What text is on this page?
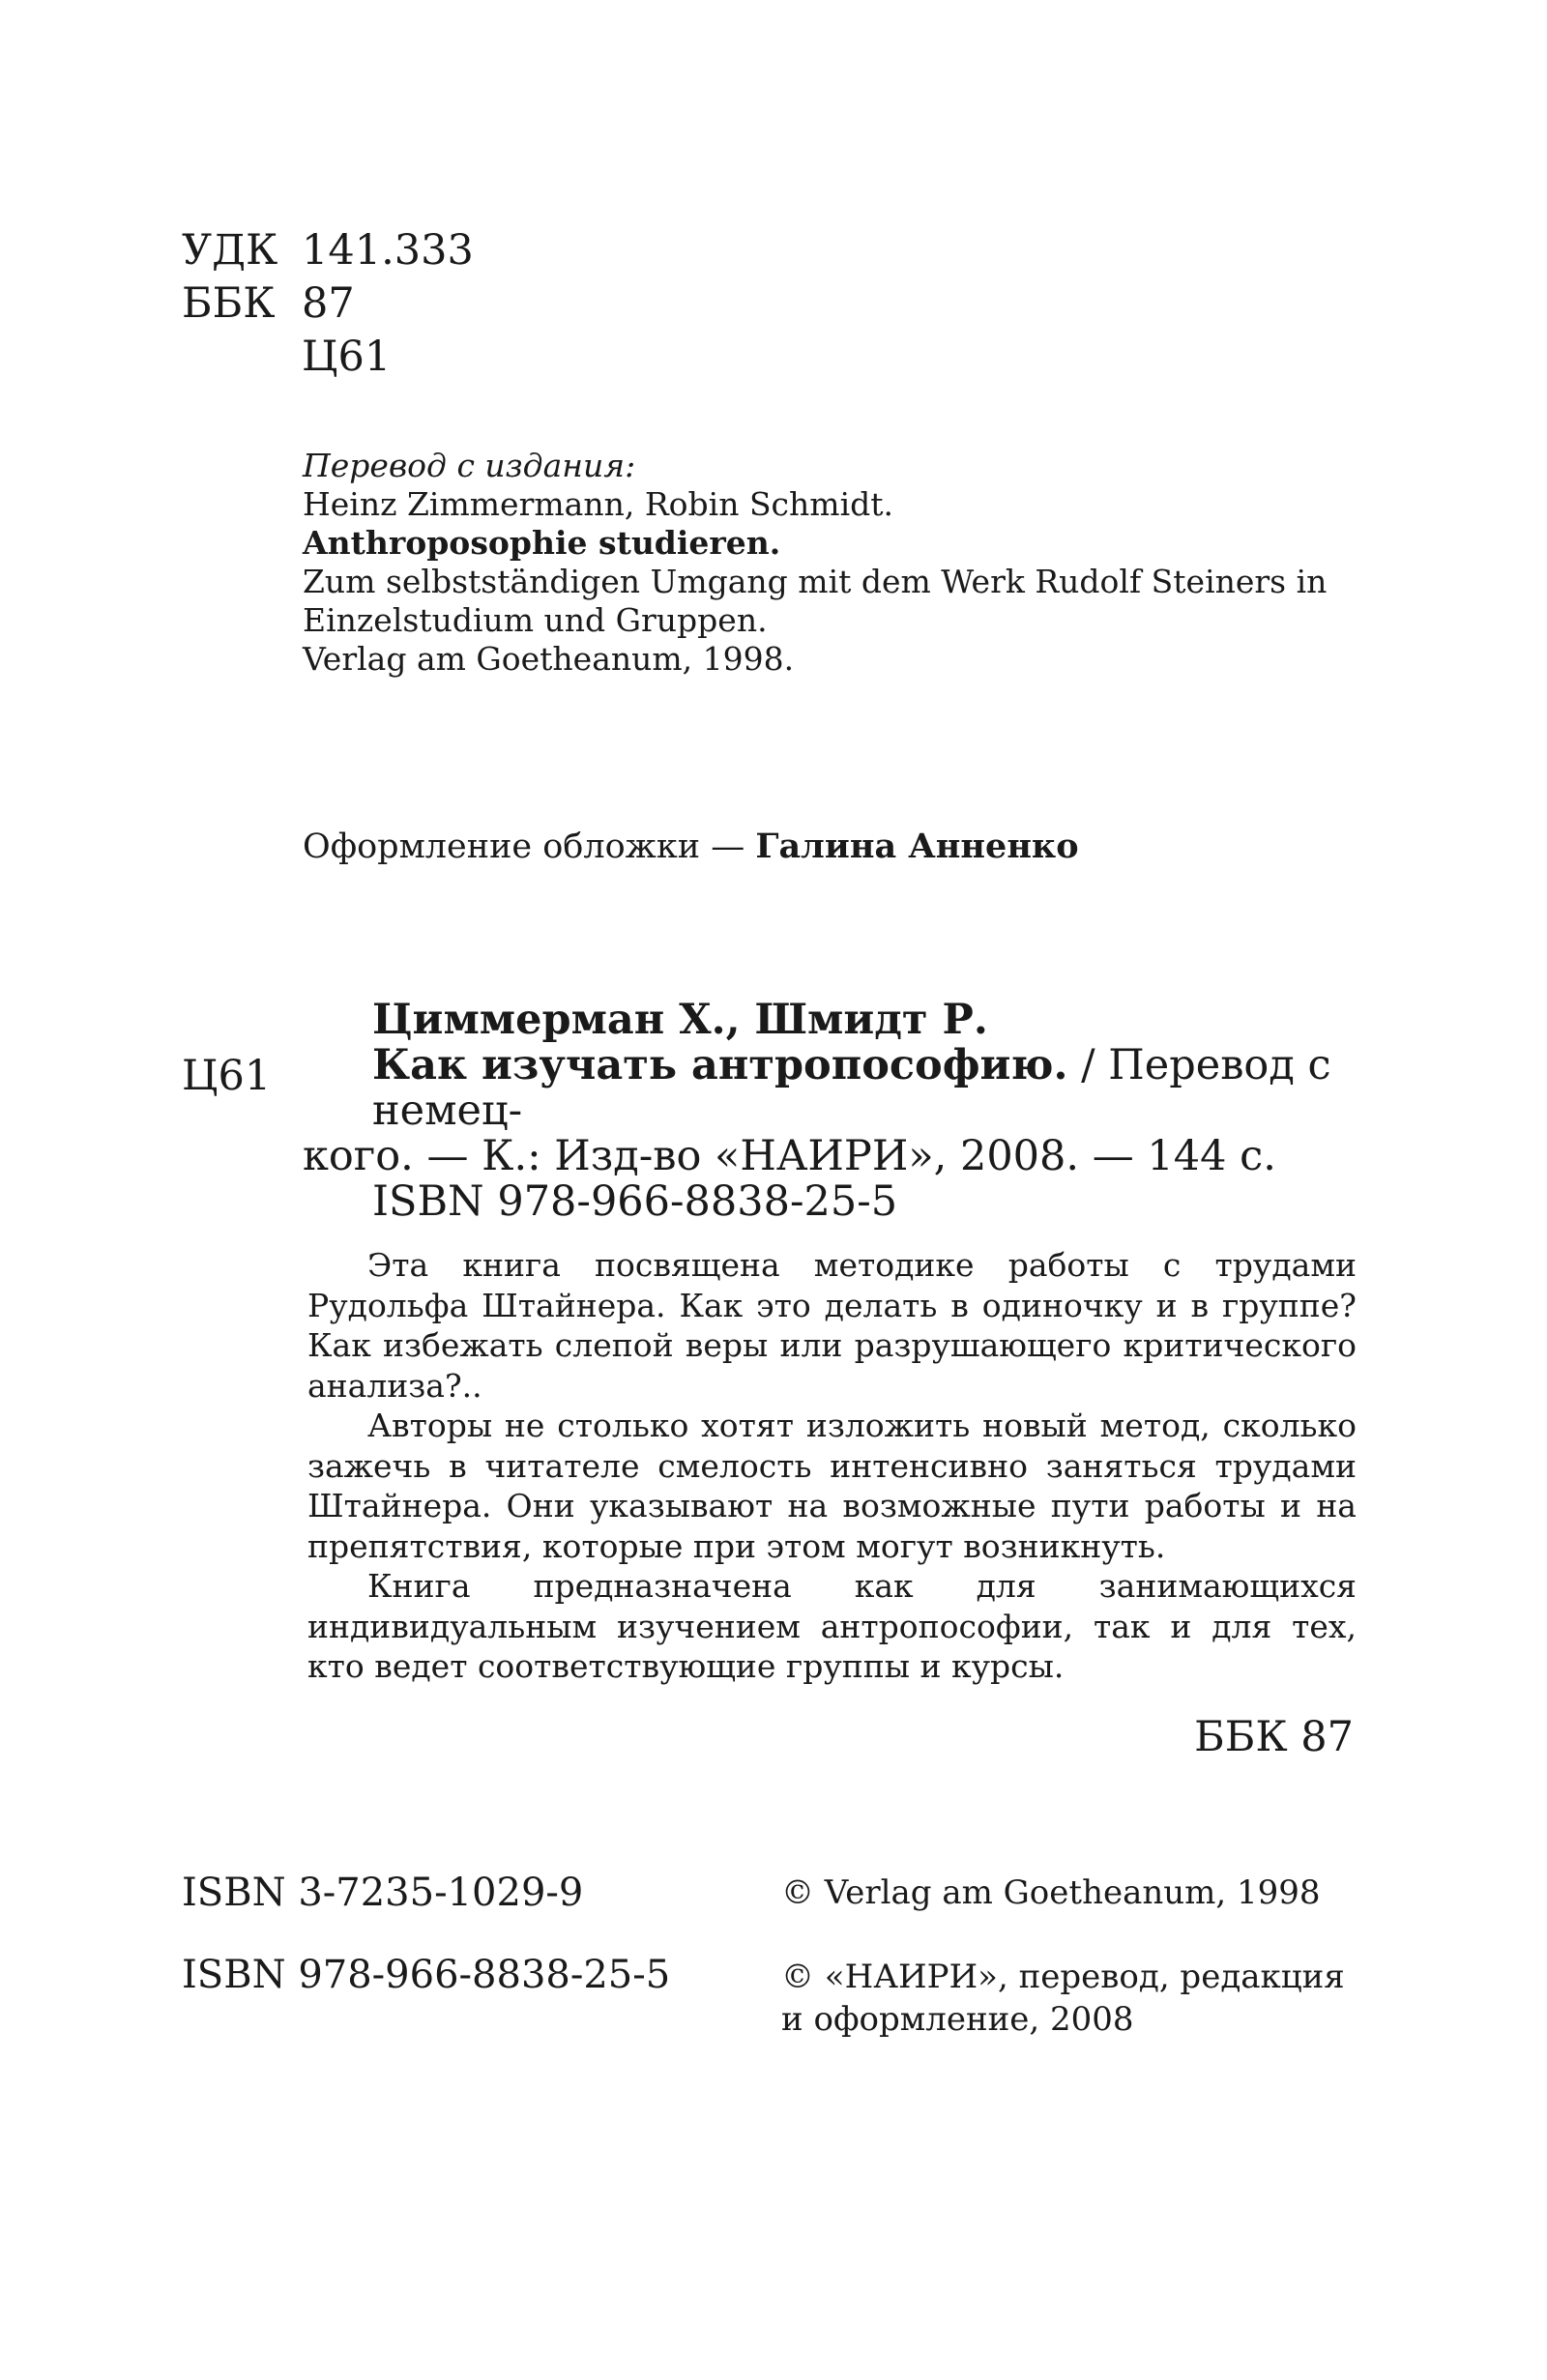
УДК 141.333
ББК 87
Ц61
Перевод с издания:
Heinz Zimmermann, Robin Schmidt.
Anthroposophie studieren.
Zum selbstständigen Umgang mit dem Werk Rudolf Steiners in
Einzelstudium und Gruppen.
Verlag am Goetheanum, 1998.
Оформление обложки — Галина Анненко
Ц61
Циммерман Х., Шмидт Р.
Как изучать антропософию. / Перевод с немец-
кого. — К.: Изд-во «НАИРИ», 2008. — 144 с.
ISBN 978-966-8838-25-5

Эта книга посвящена методике работы с трудами Рудольфа Штайнера. Как это делать в одиночку и в группе? Как избежать слепой веры или разрушающего критического анализа?..

Авторы не столько хотят изложить новый метод, сколько зажечь в читателе смелость интенсивно заняться трудами Штайнера. Они указывают на возможные пути работы и на препятствия, которые при этом могут возникнуть.

Книга предназначена как для занимающихся индивидуальным изучением антропософии, так и для тех, кто ведет соответствующие группы и курсы.

ББК 87
ISBN 3-7235-1029-9
ISBN 978-966-8838-25-5
© Verlag am Goetheanum, 1998
© «НАИРИ», перевод, редакция и оформление, 2008
